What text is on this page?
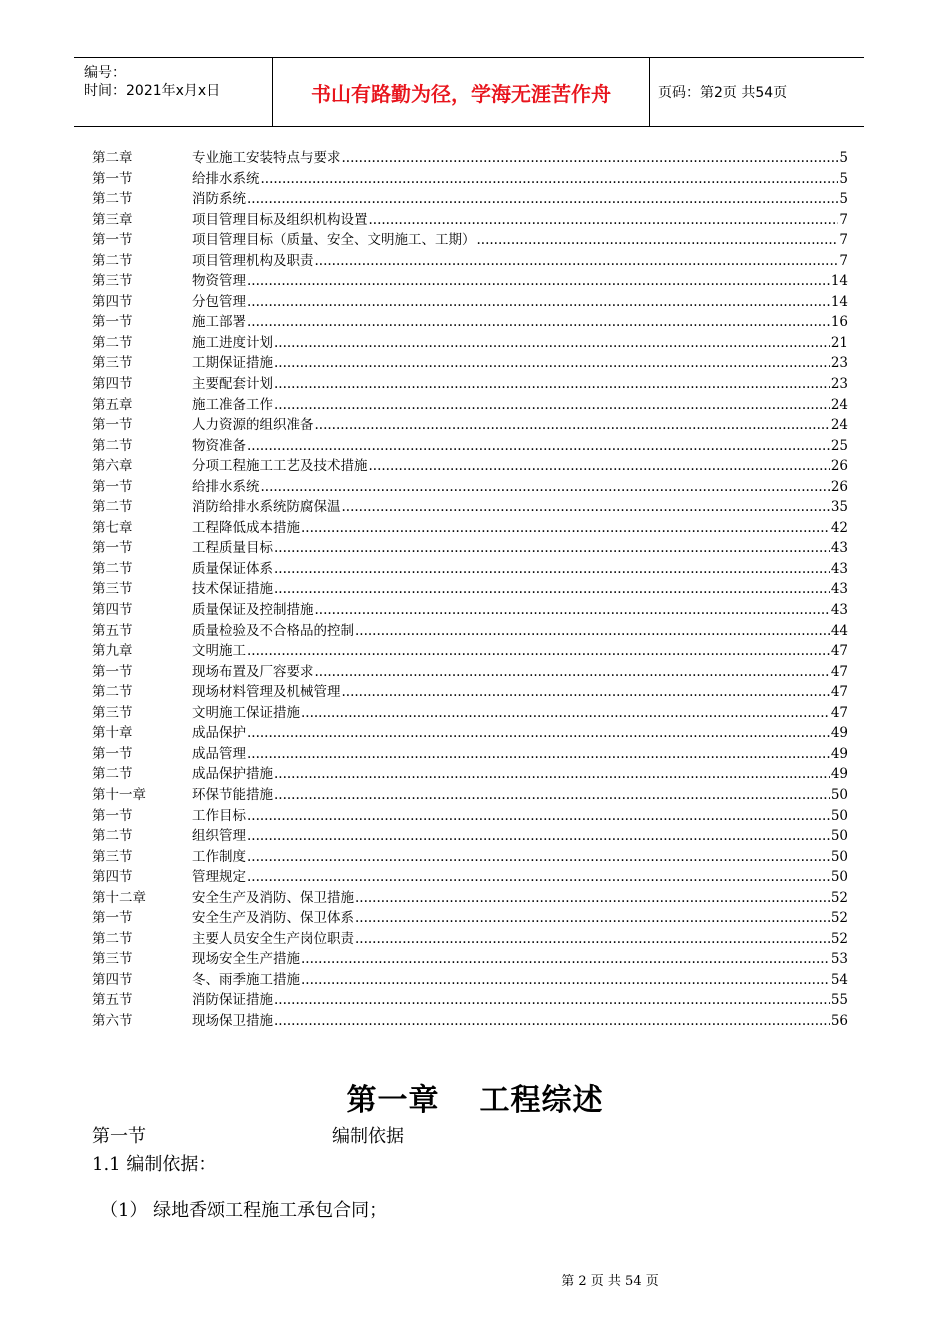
编号：
时间：2021年x月x日	书山有路勤为径，学海无涯苦作舟	页码：第2页 共54页
第二章	专业施工安装特点与要求 .....	5
第一节	给排水系统 .....	5
第二节	消防系统 .....	5
第三章	项目管理目标及组织机构设置 .....	7
第一节	项目管理目标（质量、安全、文明施工、工期） .....	7
第二节	项目管理机构及职责 .....	7
第三节	物资管理 .....	14
第四节	分包管理 .....	14
第一节	施工部署 .....	16
第二节	施工进度计划 .....	21
第三节	工期保证措施 .....	23
第四节	主要配套计划 .....	23
第五章	施工准备工作 .....	24
第一节	人力资源的组织准备 .....	24
第二节	物资准备 .....	25
第六章	分项工程施工工艺及技术措施 .....	26
第一节	给排水系统 .....	26
第二节	消防给排水系统防腐保温 .....	35
第七章	工程降低成本措施 .....	42
第一节	工程质量目标 .....	43
第二节	质量保证体系 .....	43
第三节	技术保证措施 .....	43
第四节	质量保证及控制措施 .....	43
第五节	质量检验及不合格品的控制 .....	44
第九章	文明施工 .....	47
第一节	现场布置及厂容要求 .....	47
第二节	现场材料管理及机械管理 .....	47
第三节	文明施工保证措施 .....	47
第十章	成品保护 .....	49
第一节	成品管理 .....	49
第二节	成品保护措施 .....	49
第十一章	环保节能措施 .....	50
第一节	工作目标 .....	50
第二节	组织管理 .....	50
第三节	工作制度 .....	50
第四节	管理规定 .....	50
第十二章	安全生产及消防、保卫措施 .....	52
第一节	安全生产及消防、保卫体系 .....	52
第二节	主要人员安全生产岗位职责 .....	52
第三节	现场安全生产措施 .....	53
第四节	冬、雨季施工措施 .....	54
第五节	消防保证措施 .....	55
第六节	现场保卫措施 .....	56
第一章 工程综述
第一节	编制依据
1.1 编制依据：
（1） 绿地香颂工程施工承包合同；
第 2 页 共 54 页
